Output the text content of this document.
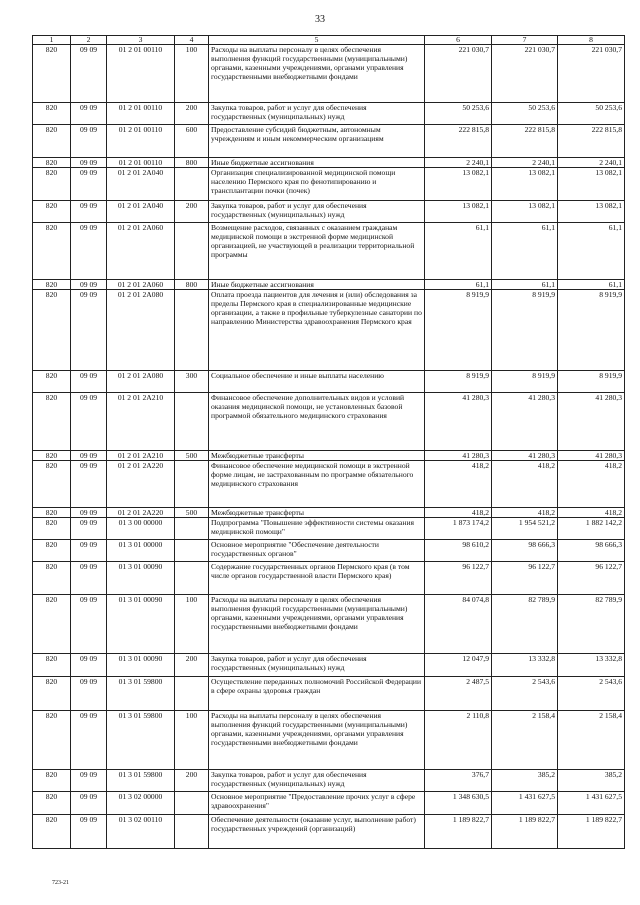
33
1	2	3	4	5	6	7	8
820	09 09	01 2 01 00110	100	Расходы на выплаты персоналу в целях обеспечения выполнения функций государственными (муниципальными) органами, казенными учреждениями, органами управления государственными внебюджетными фондами	221 030,7	221 030,7	221 030,7
820	09 09	01 2 01 00110	200	Закупка товаров, работ и услуг для обеспечения государственных (муниципальных) нужд	50 253,6	50 253,6	50 253,6
820	09 09	01 2 01 00110	600	Предоставление субсидий бюджетным, автономным учреждениям и иным некоммерческим организациям	222 815,8	222 815,8	222 815,8
820	09 09	01 2 01 00110	800	Иные бюджетные ассигнования	2 240,1	2 240,1	2 240,1
820	09 09	01 2 01 2А040		Организация специализированной медицинской помощи населению Пермского края по фенотипированию и трансплантации почки (почек)	13 082,1	13 082,1	13 082,1
820	09 09	01 2 01 2А040	200	Закупка товаров, работ и услуг для обеспечения государственных (муниципальных) нужд	13 082,1	13 082,1	13 082,1
820	09 09	01 2 01 2А060		Возмещение расходов, связанных с оказанием гражданам медицинской помощи в экстренной форме медицинской организацией, не участвующей в реализации территориальной программы	61,1	61,1	61,1
820	09 09	01 2 01 2А060	800	Иные бюджетные ассигнования	61,1	61,1	61,1
820	09 09	01 2 01 2А080		Оплата проезда пациентов для лечения и (или) обследования за пределы Пермского края в специализированные медицинские организации, а также в профильные туберкулезные санатории по направлению Министерства здравоохранения Пермского края	8 919,9	8 919,9	8 919,9
820	09 09	01 2 01 2А080	300	Социальное обеспечение и иные выплаты населению	8 919,9	8 919,9	8 919,9
820	09 09	01 2 01 2А210		Финансовое обеспечение дополнительных видов и условий оказания медицинской помощи, не установленных базовой программой обязательного медицинского страхования	41 280,3	41 280,3	41 280,3
820	09 09	01 2 01 2А210	500	Межбюджетные трансферты	41 280,3	41 280,3	41 280,3
820	09 09	01 2 01 2А220		Финансовое обеспечение медицинской помощи в экстренной форме лицам, не застрахованным по программе обязательного медицинского страхования	418,2	418,2	418,2
820	09 09	01 2 01 2А220	500	Межбюджетные трансферты	418,2	418,2	418,2
820	09 09	01 3 00 00000		Подпрограмма "Повышение эффективности системы оказания медицинской помощи"	1 873 174,2	1 954 521,2	1 882 142,2
820	09 09	01 3 01 00000		Основное мероприятие "Обеспечение деятельности государственных органов"	98 610,2	98 666,3	98 666,3
820	09 09	01 3 01 00090		Содержание государственных органов Пермского края (в том числе органов государственной власти Пермского края)	96 122,7	96 122,7	96 122,7
820	09 09	01 3 01 00090	100	Расходы на выплаты персоналу в целях обеспечения выполнения функций государственными (муниципальными) органами, казенными учреждениями, органами управления государственными внебюджетными фондами	84 074,8	82 789,9	82 789,9
820	09 09	01 3 01 00090	200	Закупка товаров, работ и услуг для обеспечения государственных (муниципальных) нужд	12 047,9	13 332,8	13 332,8
820	09 09	01 3 01 59800		Осуществление переданных полномочий Российской Федерации в сфере охраны здоровья граждан	2 487,5	2 543,6	2 543,6
820	09 09	01 3 01 59800	100	Расходы на выплаты персоналу в целях обеспечения выполнения функций государственными (муниципальными) органами, казенными учреждениями, органами управления государственными внебюджетными фондами	2 110,8	2 158,4	2 158,4
820	09 09	01 3 01 59800	200	Закупка товаров, работ и услуг для обеспечения государственных (муниципальных) нужд	376,7	385,2	385,2
820	09 09	01 3 02 00000		Основное мероприятие "Предоставление прочих услуг в сфере здравоохранения"	1 348 630,5	1 431 627,5	1 431 627,5
820	09 09	01 3 02 00110		Обеспечение деятельности (оказание услуг, выполнение работ) государственных учреждений (организаций)	1 189 822,7	1 189 822,7	1 189 822,7
723-21
